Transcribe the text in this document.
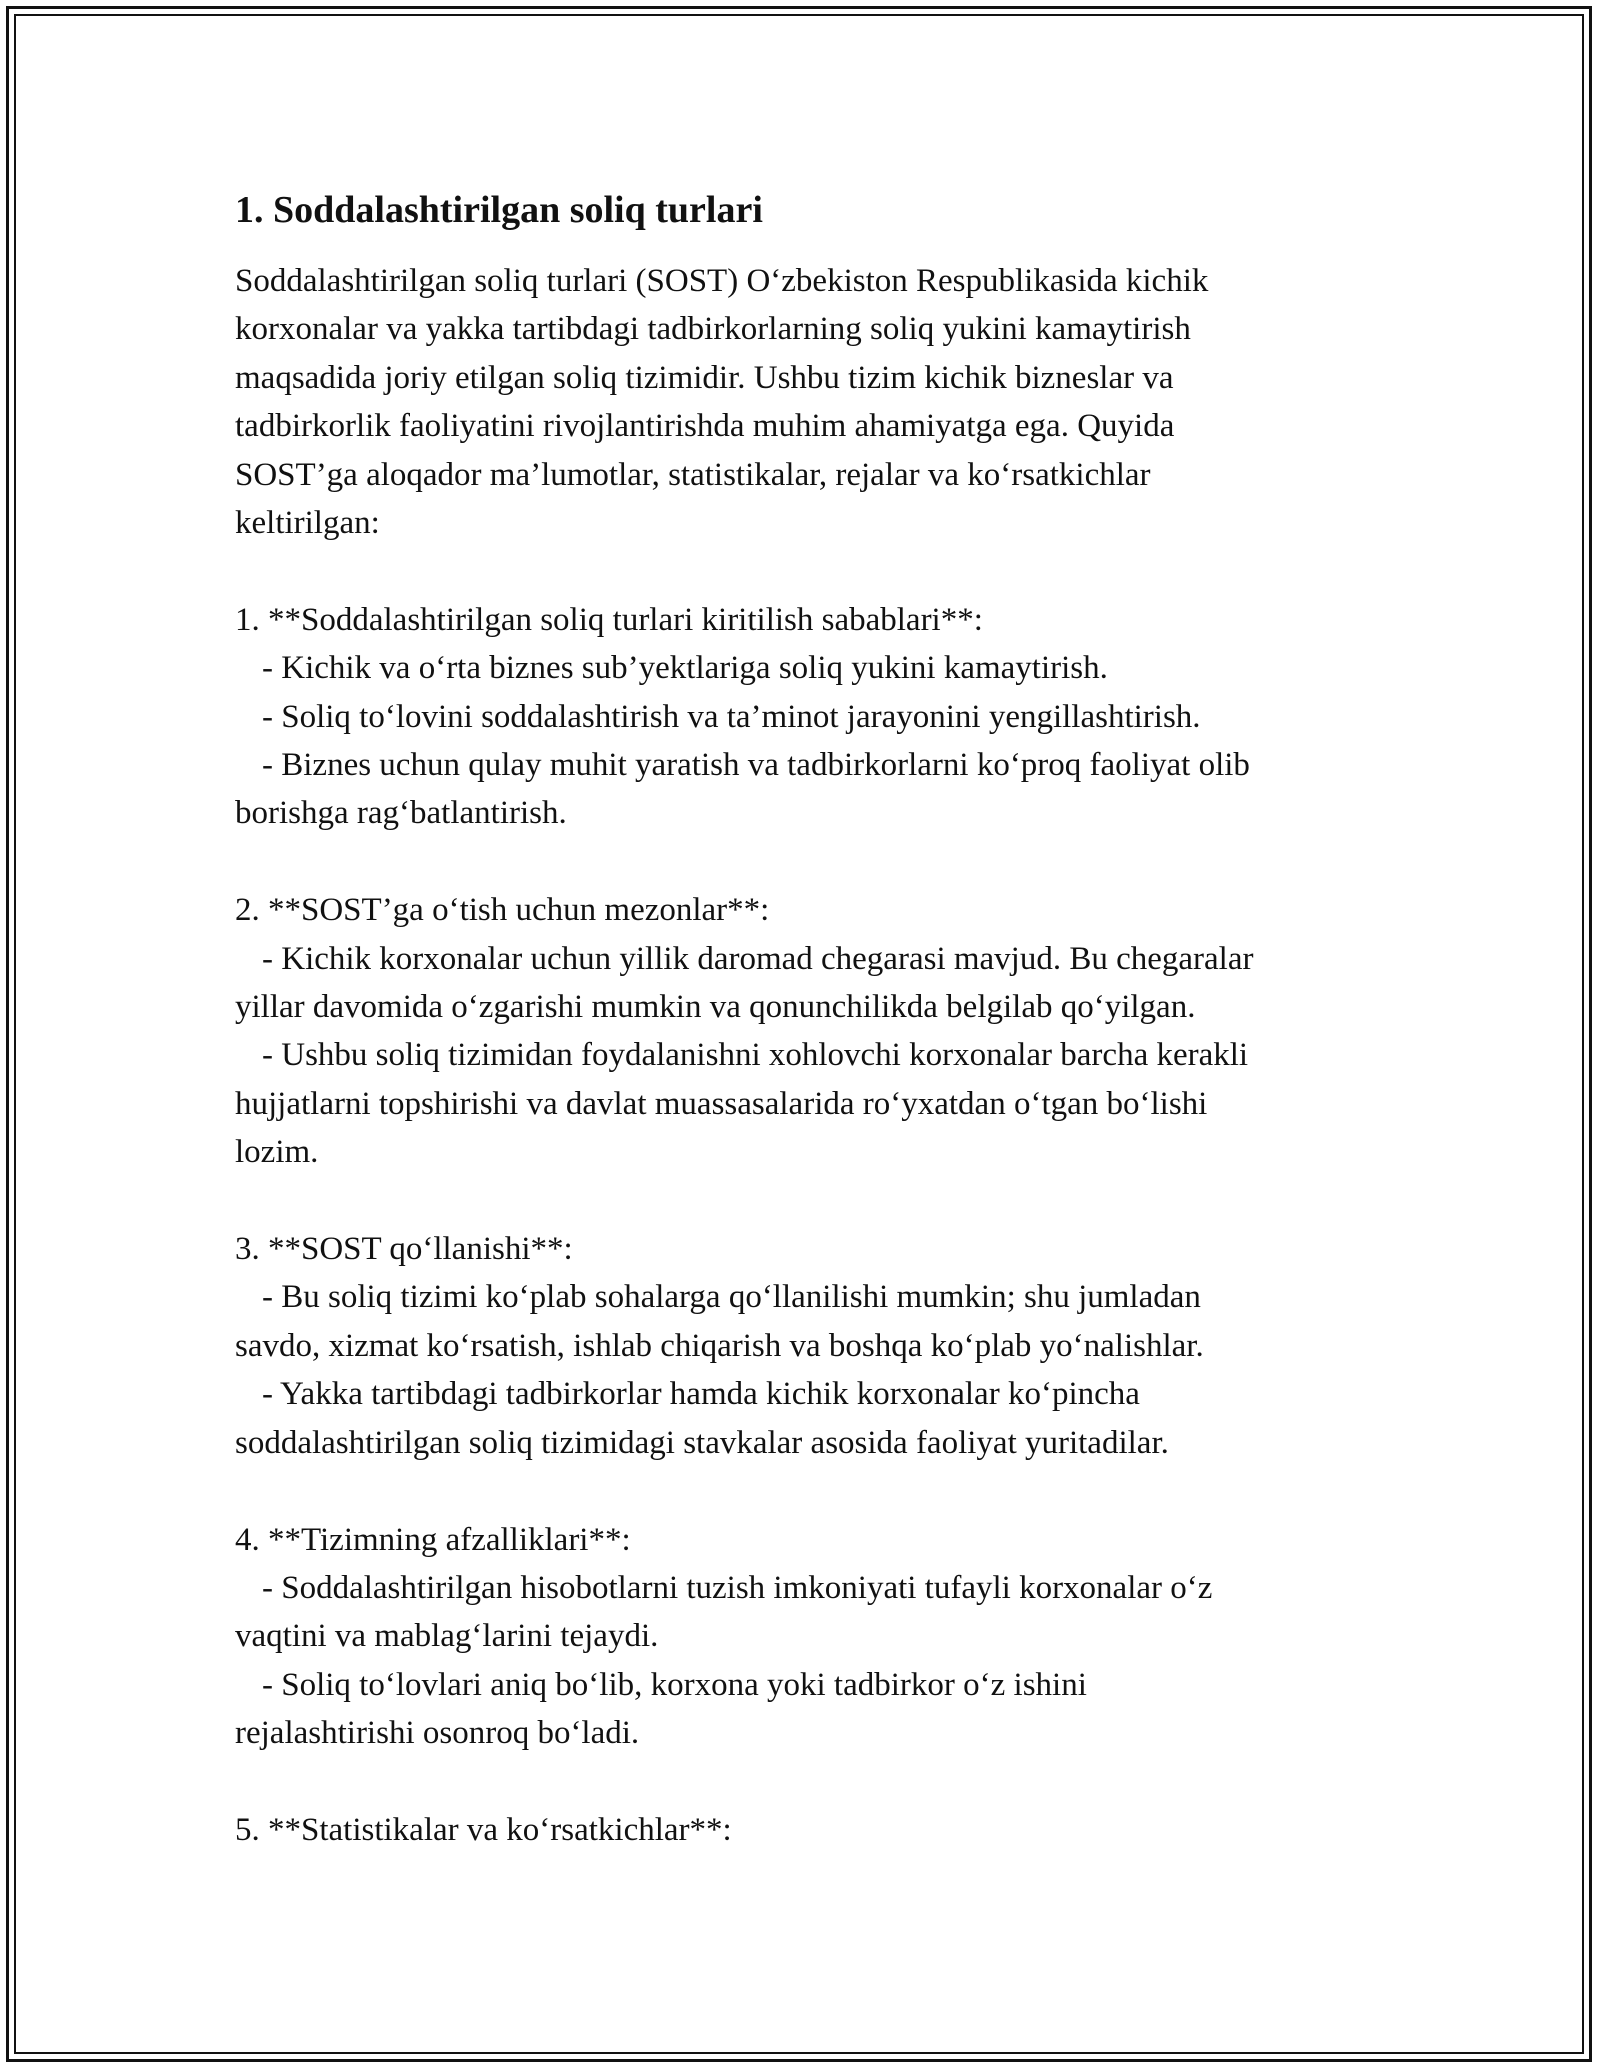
1. Soddalashtirilgan soliq turlari

Soddalashtirilgan soliq turlari (SOST) O‘zbekiston Respublikasida kichik

korxonalar va yakka tartibdagi tadbirkorlarning soliq yukini kamaytirish

maqsadida joriy etilgan soliq tizimidir. Ushbu tizim kichik bizneslar va

tadbirkorlik faoliyatini rivojlantirishda muhim ahamiyatga ega. Quyida

SOST’ga aloqador ma’lumotlar, statistikalar, rejalar va ko‘rsatkichlar

keltirilgan:

1. **Soddalashtirilgan soliq turlari kiritilish sabablari**:

- Kichik va o‘rta biznes sub’yektlariga soliq yukini kamaytirish.

- Soliq to‘lovini soddalashtirish va ta’minot jarayonini yengillashtirish.

- Biznes uchun qulay muhit yaratish va tadbirkorlarni ko‘proq faoliyat olib

borishga rag‘batlantirish.

2. **SOST’ga o‘tish uchun mezonlar**:

- Kichik korxonalar uchun yillik daromad chegarasi mavjud. Bu chegaralar

yillar davomida o‘zgarishi mumkin va qonunchilikda belgilab qo‘yilgan.

- Ushbu soliq tizimidan foydalanishni xohlovchi korxonalar barcha kerakli

hujjatlarni topshirishi va davlat muassasalarida ro‘yxatdan o‘tgan bo‘lishi

lozim.

3. **SOST qo‘llanishi**:

- Bu soliq tizimi ko‘plab sohalarga qo‘llanilishi mumkin; shu jumladan

savdo, xizmat ko‘rsatish, ishlab chiqarish va boshqa ko‘plab yo‘nalishlar.

- Yakka tartibdagi tadbirkorlar hamda kichik korxonalar ko‘pincha

soddalashtirilgan soliq tizimidagi stavkalar asosida faoliyat yuritadilar.

4. **Tizimning afzalliklari**:

- Soddalashtirilgan hisobotlarni tuzish imkoniyati tufayli korxonalar o‘z

vaqtini va mablag‘larini tejaydi.

- Soliq to‘lovlari aniq bo‘lib, korxona yoki tadbirkor o‘z ishini

rejalashtirishi osonroq bo‘ladi.

5. **Statistikalar va ko‘rsatkichlar**:
